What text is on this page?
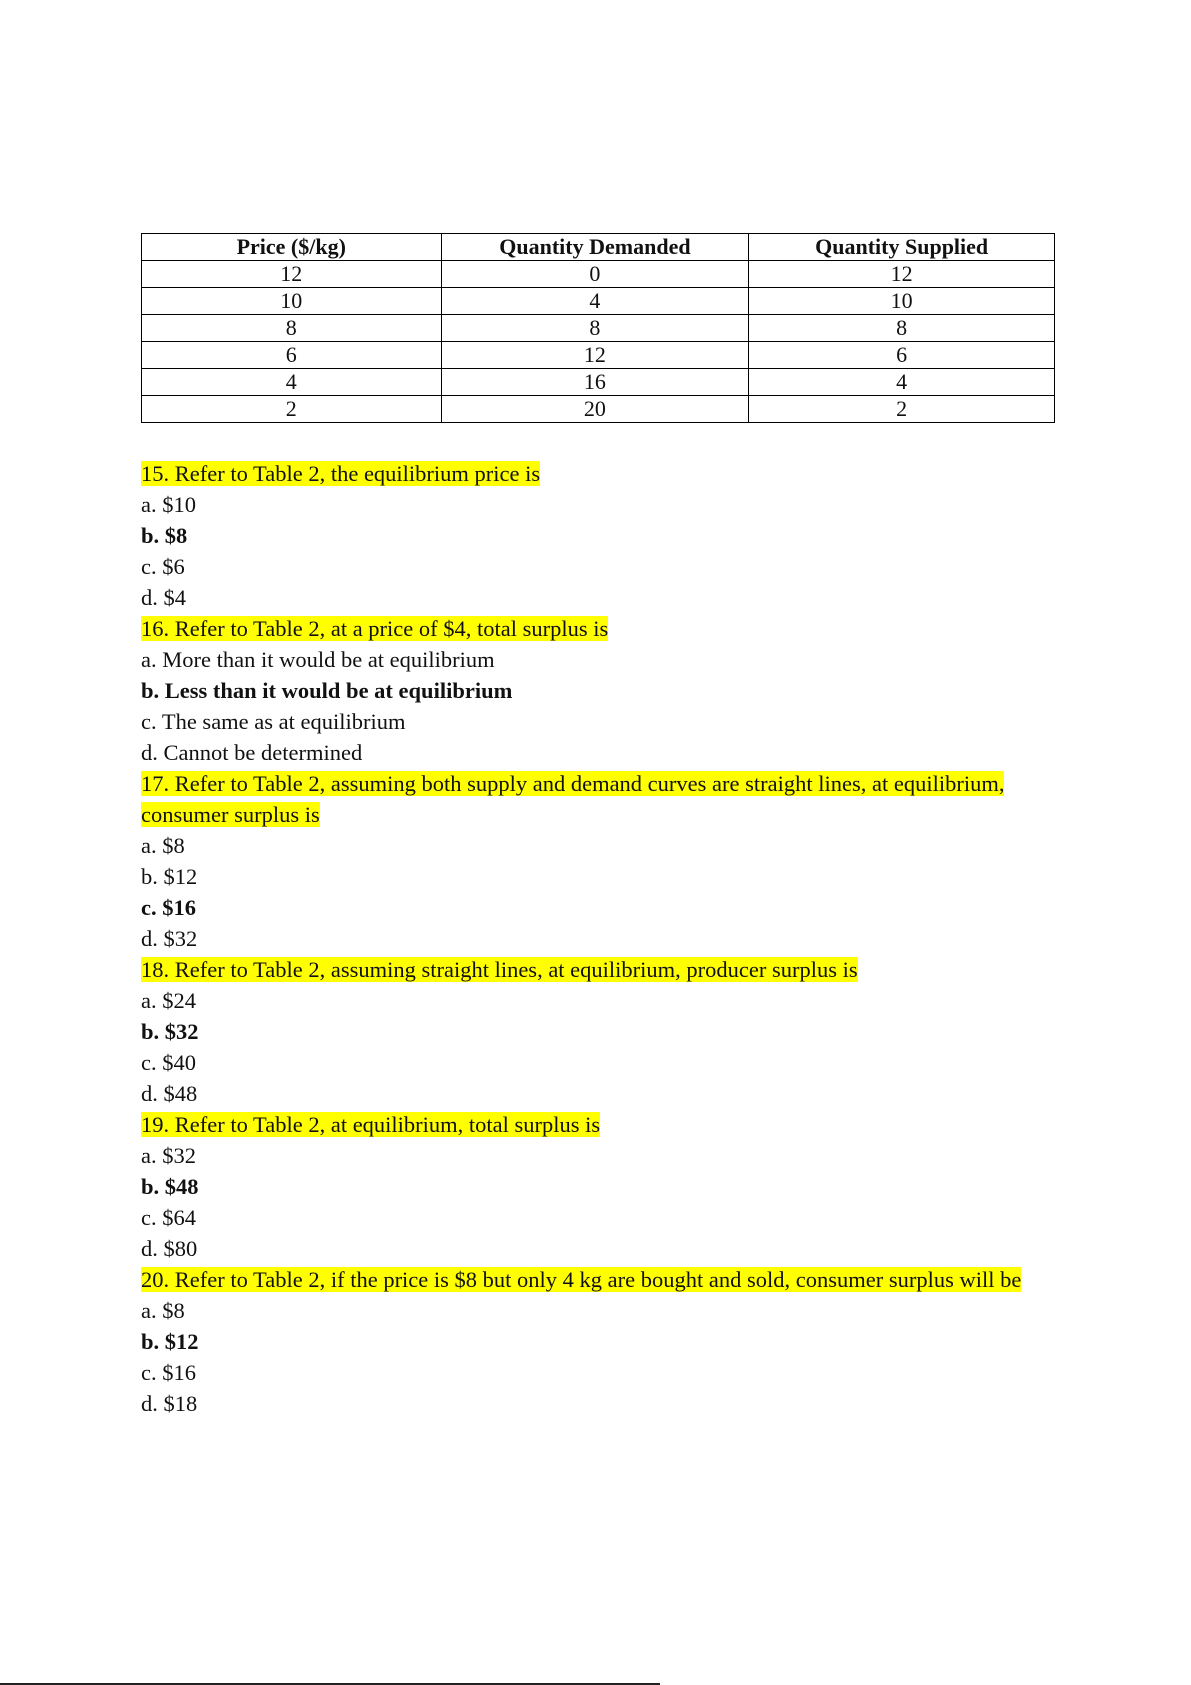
Price ($/kg)	Quantity Demanded	Quantity Supplied
12	0	12
10	4	10
8	8	8
6	12	6
4	16	4
2	20	2
15. Refer to Table 2, the equilibrium price is
a. $10
b. $8
c. $6
d. $4
16. Refer to Table 2, at a price of $4, total surplus is
a. More than it would be at equilibrium
b. Less than it would be at equilibrium
c. The same as at equilibrium
d. Cannot be determined
17. Refer to Table 2, assuming both supply and demand curves are straight lines, at equilibrium, consumer surplus is
a. $8
b. $12
c. $16
d. $32
18. Refer to Table 2, assuming straight lines, at equilibrium, producer surplus is
a. $24
b. $32
c. $40
d. $48
19. Refer to Table 2, at equilibrium, total surplus is
a. $32
b. $48
c. $64
d. $80
20. Refer to Table 2, if the price is $8 but only 4 kg are bought and sold, consumer surplus will be
a. $8
b. $12
c. $16
d. $18
